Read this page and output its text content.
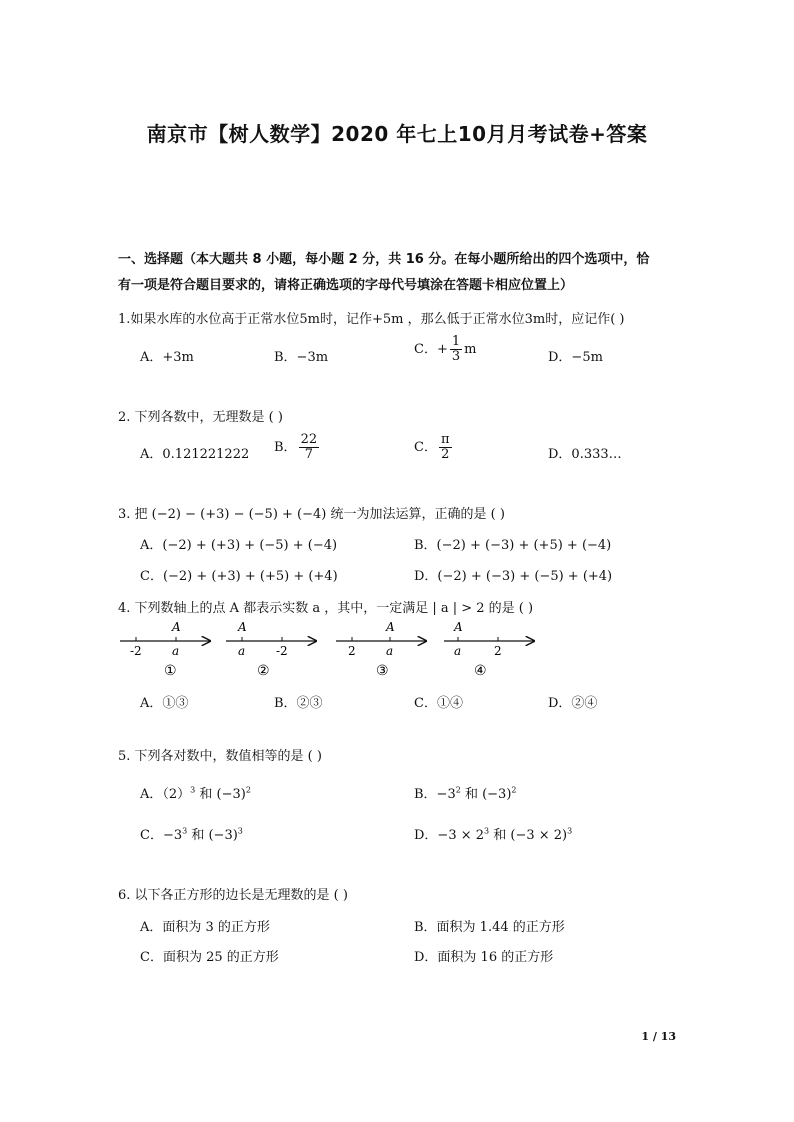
南京市【树人数学】2020 年七上10月月考试卷+答案
一、选择题（本大题共 8 小题，每小题 2 分，共 16 分。在每小题所给出的四个选项中，恰
有一项是符合题目要求的，请将正确选项的字母代号填涂在答题卡相应位置上）
1.如果水库的水位高于正常水位5m时，记作+5m ，那么低于正常水位3m时，应记作( )
A．+3m	B．−3m
C．+ $\frac{1}{3}$ m
D．−5m
2. 下列各数中，无理数是 ( )
A．0.121221222 B． $\frac{22}{7}$	C． $\frac{\pi}{2}$	D．0.333…
3. 把 (−2) − (+3) − (−5) + (−4) 统一为加法运算，正确的是 ( )
A．(−2) + (+3) + (−5) + (−4)	B．(−2) + (−3) + (+5) + (−4)
C．(−2) + (+3) + (+5) + (+4)	D．(−2) + (−3) + (−5) + (+4)
4. 下列数轴上的点 A 都表示实数 a ，其中，一定满足 | a | > 2 的是 ( )
A
-2	a
①
A
a	-2
②
A
2	a
③
A
a	2
④
A．①③	B．②③	C．①④	D．②④
5. 下列各对数中，数值相等的是 ( )
A．$(2)^3$ 和 $(-3)^2$	B．$-3^2$ 和 $(-3)^2$
C．$-3^3$ 和 $(-3)^3$	D．$-3 \times 2^3$ 和 $(-3 \times 2)^3$
6. 以下各正方形的边长是无理数的是 ( )
A．面积为 3 的正方形	B．面积为 1.44 的正方形
C．面积为 25 的正方形	D．面积为 16 的正方形
1 / 13
